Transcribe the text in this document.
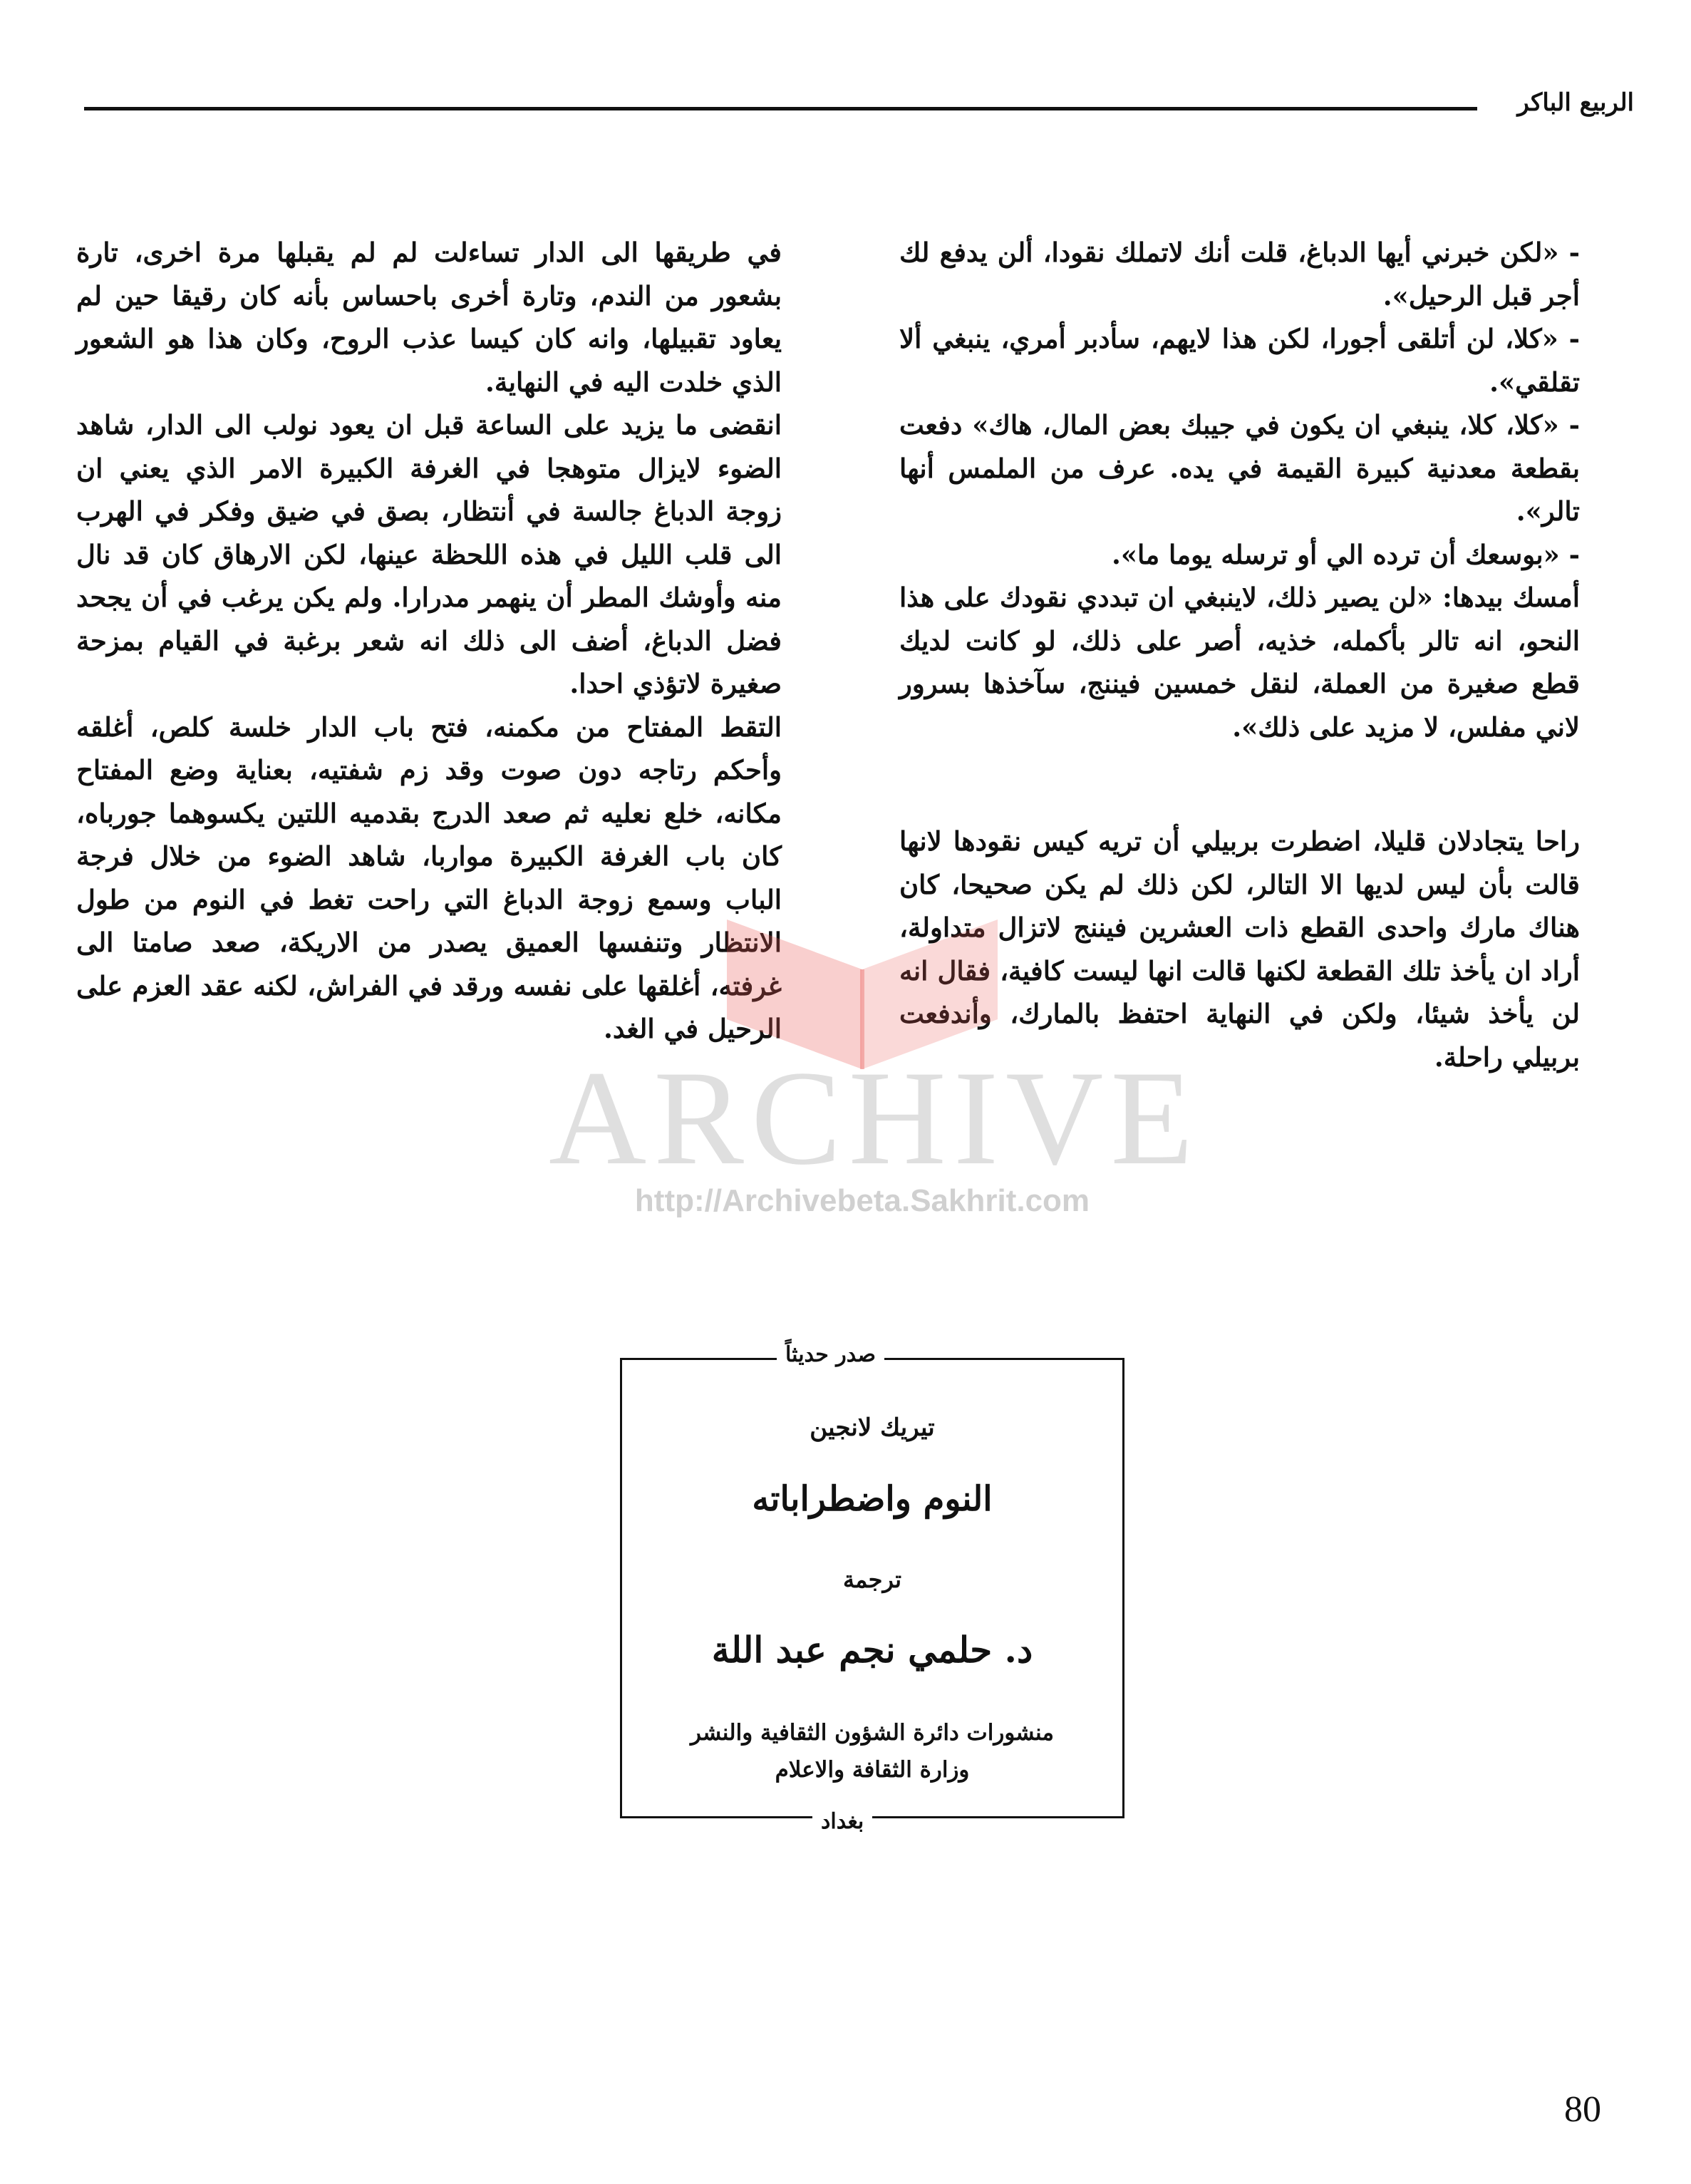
الربيع الباكر

- «لكن خبرني أيها الدباغ، قلت أنك لاتملك نقودا، ألن يدفع لك أجر قبل الرحيل».

- «كلا، لن أتلقى أجورا، لكن هذا لايهم، سأدبر أمري، ينبغي ألا تقلقي».

- «كلا، كلا، ينبغي ان يكون في جيبك بعض المال، هاك» دفعت بقطعة معدنية كبيرة القيمة في يده. عرف من الملمس أنها تالر».

- «بوسعك أن ترده الي أو ترسله يوما ما».

أمسك بيدها: «لن يصير ذلك، لاينبغي ان تبددي نقودك على هذا النحو، انه تالر بأكمله، خذيه، أصر على ذلك، لو كانت لديك قطع صغيرة من العملة، لنقل خمسين فيننج، سآخذها بسرور لاني مفلس، لا مزيد على ذلك».

راحا يتجادلان قليلا، اضطرت بربيلي أن تريه كيس نقودها لانها قالت بأن ليس لديها الا التالر، لكن ذلك لم يكن صحيحا، كان هناك مارك واحدى القطع ذات العشرين فيننج لاتزال متداولة، أراد ان يأخذ تلك القطعة لكنها قالت انها ليست كافية، فقال انه لن يأخذ شيئا، ولكن في النهاية احتفظ بالمارك، وأندفعت بربيلي راحلة.

في طريقها الى الدار تساءلت لم لم يقبلها مرة اخرى، تارة بشعور من الندم، وتارة أخرى باحساس بأنه كان رقيقا حين لم يعاود تقبيلها، وانه كان كيسا عذب الروح، وكان هذا هو الشعور الذي خلدت اليه في النهاية.

انقضى ما يزيد على الساعة قبل ان يعود نولب الى الدار، شاهد الضوء لايزال متوهجا في الغرفة الكبيرة الامر الذي يعني ان زوجة الدباغ جالسة في أنتظار، بصق في ضيق وفكر في الهرب الى قلب الليل في هذه اللحظة عينها، لكن الارهاق كان قد نال منه وأوشك المطر أن ينهمر مدرارا. ولم يكن يرغب في أن يجحد فضل الدباغ، أضف الى ذلك انه شعر برغبة في القيام بمزحة صغيرة لاتؤذي احدا.

التقط المفتاح من مكمنه، فتح باب الدار خلسة كلص، أغلقه وأحكم رتاجه دون صوت وقد زم شفتيه، بعناية وضع المفتاح مكانه، خلع نعليه ثم صعد الدرج بقدميه اللتين يكسوهما جورباه، كان باب الغرفة الكبيرة مواربا، شاهد الضوء من خلال فرجة الباب وسمع زوجة الدباغ التي راحت تغط في النوم من طول الانتظار وتنفسها العميق يصدر من الاريكة، صعد صامتا الى غرفته، أغلقها على نفسه ورقد في الفراش، لكنه عقد العزم على الرحيل في الغد.

ARCHIVE
http://Archivebeta.Sakhrit.com
صدر حديثاً
تيريك لانجين
النوم واضطراباته
ترجمة
د. حلمي نجم عبد اللة
منشورات دائرة الشؤون الثقافية والنشر
وزارة الثقافة والاعلام
بغداد
80
